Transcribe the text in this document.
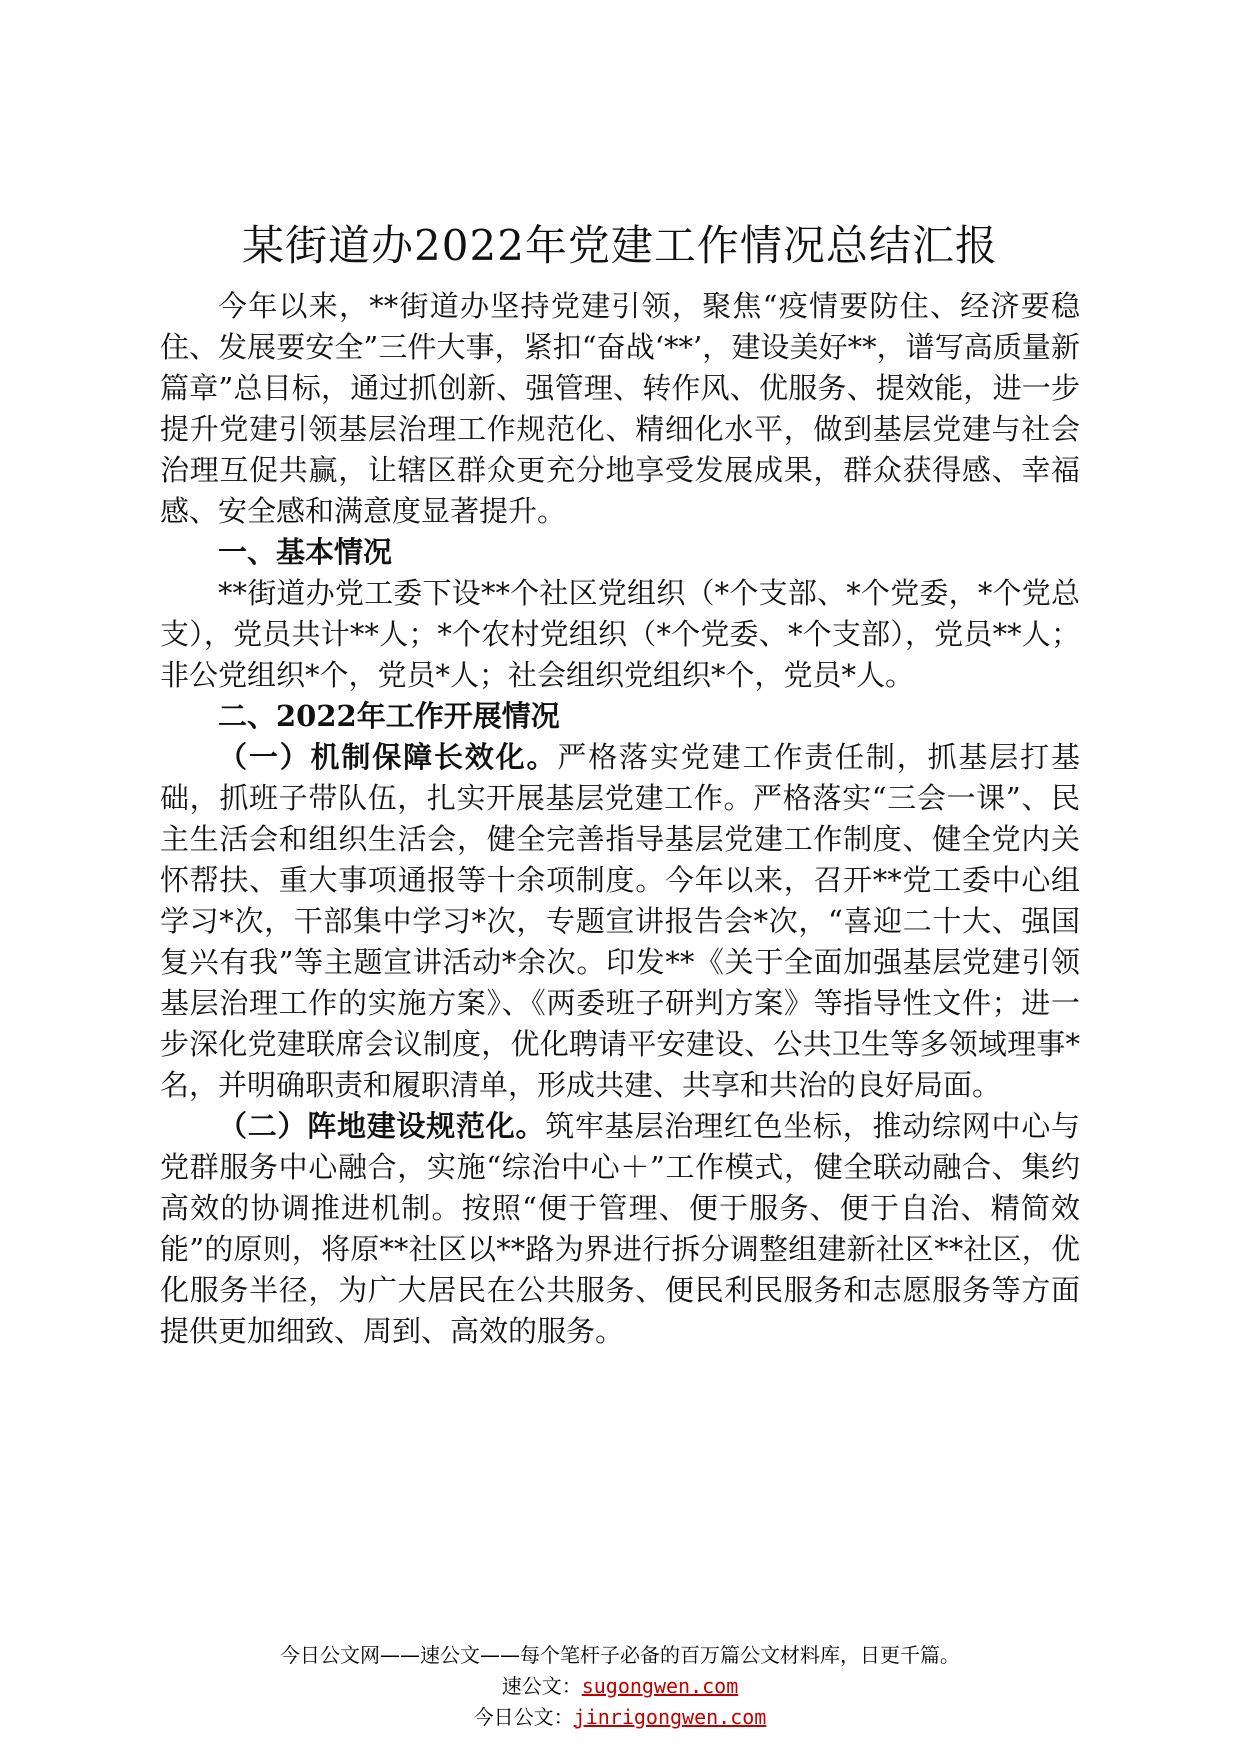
某街道办2022年党建工作情况总结汇报

今年以来，**街道办坚持党建引领，聚焦“疫情要防住、经济要稳住、发展要安全”三件大事，紧扣“奋战‘**’，建设美好**，谱写高质量新篇章”总目标，通过抓创新、强管理、转作风、优服务、提效能，进一步提升党建引领基层治理工作规范化、精细化水平，做到基层党建与社会治理互促共赢，让辖区群众更充分地享受发展成果，群众获得感、幸福感、安全感和满意度显著提升。

一、基本情况

**街道办党工委下设**个社区党组织（*个支部、*个党委，*个党总支），党员共计**人；*个农村党组织（*个党委、*个支部），党员**人；非公党组织*个，党员*人；社会组织党组织*个，党员*人。

二、2022年工作开展情况

（一）机制保障长效化。严格落实党建工作责任制，抓基层打基础，抓班子带队伍，扎实开展基层党建工作。严格落实“三会一课”、民主生活会和组织生活会，健全完善指导基层党建工作制度、健全党内关怀帮扶、重大事项通报等十余项制度。今年以来，召开**党工委中心组学习*次，干部集中学习*次，专题宣讲报告会*次，“喜迎二十大、强国复兴有我”等主题宣讲活动*余次。印发**《关于全面加强基层党建引领基层治理工作的实施方案》、《两委班子研判方案》等指导性文件；进一步深化党建联席会议制度，优化聘请平安建设、公共卫生等多领域理事*名，并明确职责和履职清单，形成共建、共享和共治的良好局面。

（二）阵地建设规范化。筑牢基层治理红色坐标，推动综网中心与党群服务中心融合，实施“综治中心＋”工作模式，健全联动融合、集约高效的协调推进机制。按照“便于管理、便于服务、便于自治、精简效能”的原则，将原**社区以**路为界进行拆分调整组建新社区**社区，优化服务半径，为广大居民在公共服务、便民利民服务和志愿服务等方面提供更加细致、周到、高效的服务。

今日公文网——速公文——每个笔杆子必备的百万篇公文材料库，日更千篇。
速公文：sugongwen.com
今日公文：jinrigongwen.com
